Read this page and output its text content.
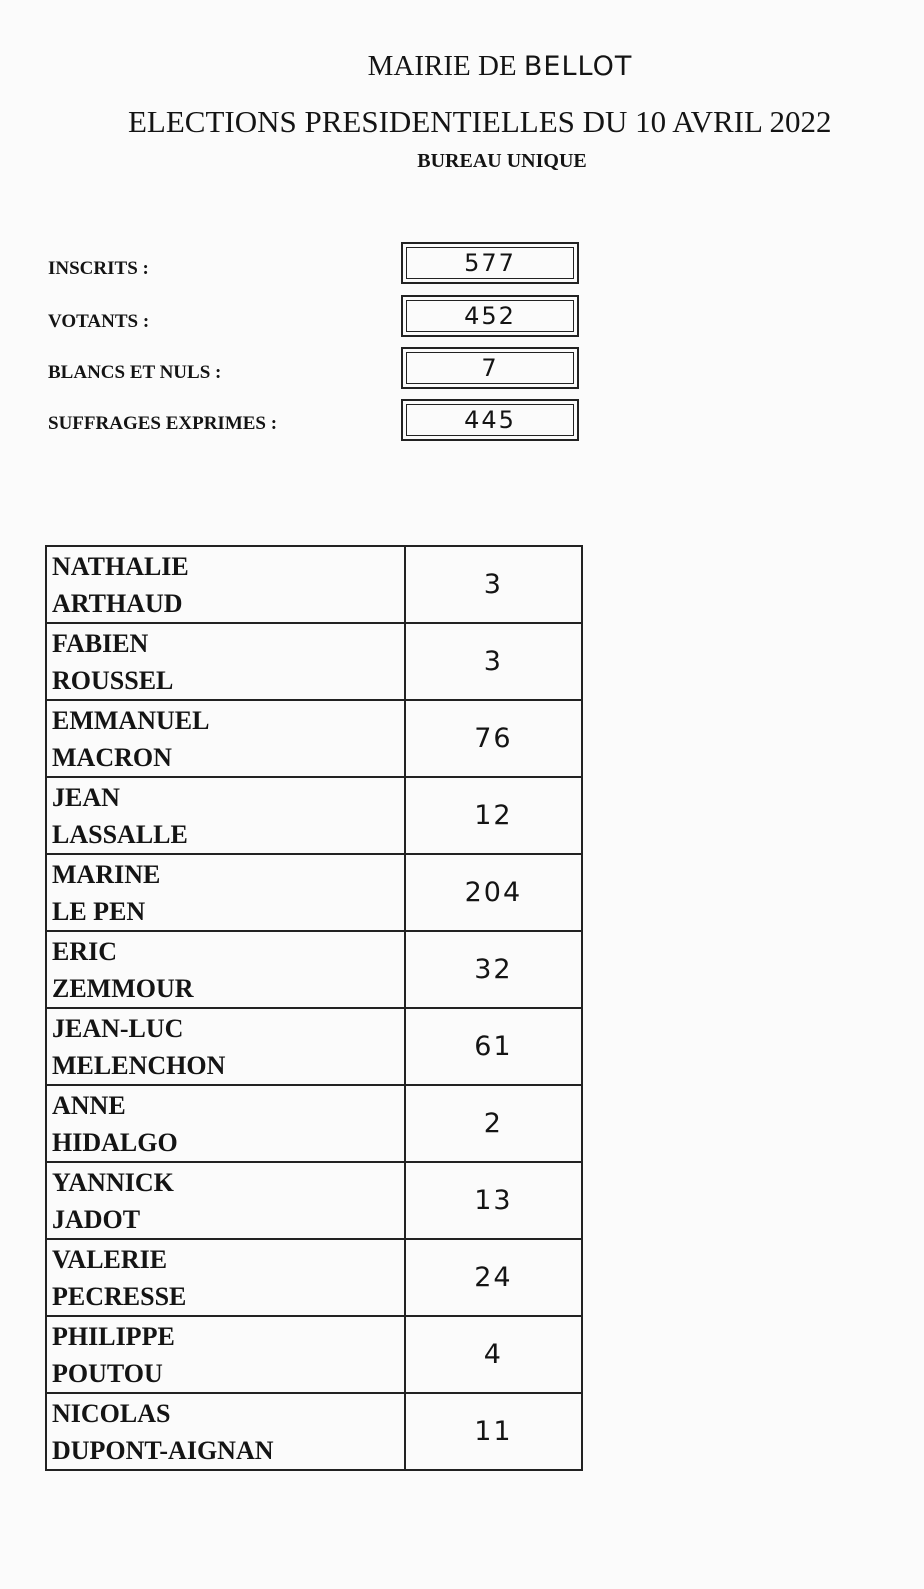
MAIRIE DE BELLOT
ELECTIONS PRESIDENTIELLES DU 10 AVRIL 2022
BUREAU UNIQUE
INSCRITS :	577
VOTANTS :	452
BLANCS ET NULS :	7
SUFFRAGES EXPRIMES :	445
NATHALIE
ARTHAUD	3

FABIEN
ROUSSEL	3

EMMANUEL
MACRON	76

JEAN
LASSALLE	12

MARINE
LE PEN	204

ERIC
ZEMMOUR	32

JEAN-LUC
MELENCHON	61

ANNE
HIDALGO	2

YANNICK
JADOT	13

VALERIE
PECRESSE	24

PHILIPPE
POUTOU	4

NICOLAS
DUPONT-AIGNAN	11
